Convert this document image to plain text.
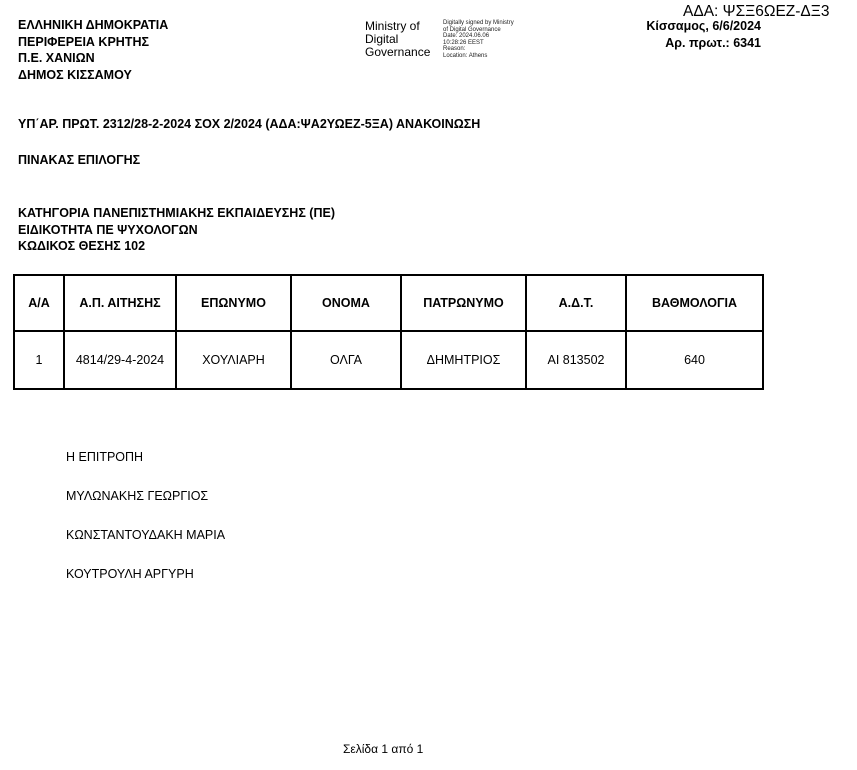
ΕΛΛΗΝΙΚΗ ΔΗΜΟΚΡΑΤΙΑ
ΠΕΡΙΦΕΡΕΙΑ ΚΡΗΤΗΣ
Π.Ε. ΧΑΝΙΩΝ
ΔΗΜΟΣ ΚΙΣΣΑΜΟΥ
Ministry of
Digital
Governance
Digitally signed by Ministry
of Digital Governance
Date: 2024.06.06
10:28:26 EEST
Reason:
Location: Athens
ΑΔΑ: ΨΣΞ6ΩΕΖ-ΔΞ3
Κίσσαμος, 6/6/2024
Αρ. πρωτ.: 6341
ΥΠ΄ΑΡ. ΠΡΩΤ. 2312/28-2-2024 ΣΟΧ 2/2024 (ΑΔΑ:ΨΑ2ΥΩΕΖ-5ΞΑ) ΑΝΑΚΟΙΝΩΣΗ
ΠΙΝΑΚΑΣ ΕΠΙΛΟΓΗΣ
ΚΑΤΗΓΟΡΙΑ ΠΑΝΕΠΙΣΤΗΜΙΑΚΗΣ ΕΚΠΑΙΔΕΥΣΗΣ (ΠΕ)
ΕΙΔΙΚΟΤΗΤΑ ΠΕ ΨΥΧΟΛΟΓΩΝ
ΚΩΔΙΚΟΣ ΘΕΣΗΣ 102
Α/Α	Α.Π. ΑΙΤΗΣΗΣ	ΕΠΩΝΥΜΟ	ΟΝΟΜΑ	ΠΑΤΡΩΝΥΜΟ	Α.Δ.Τ.	ΒΑΘΜΟΛΟΓΙΑ
1	4814/29-4-2024	ΧΟΥΛΙΑΡΗ	ΟΛΓΑ	ΔΗΜΗΤΡΙΟΣ	ΑΙ 813502	640
Η ΕΠΙΤΡΟΠΗ
ΜΥΛΩΝΑΚΗΣ ΓΕΩΡΓΙΟΣ
ΚΩΝΣΤΑΝΤΟΥΔΑΚΗ ΜΑΡΙΑ
ΚΟΥΤΡΟΥΛΗ ΑΡΓΥΡΗ
Σελίδα 1 από 1
